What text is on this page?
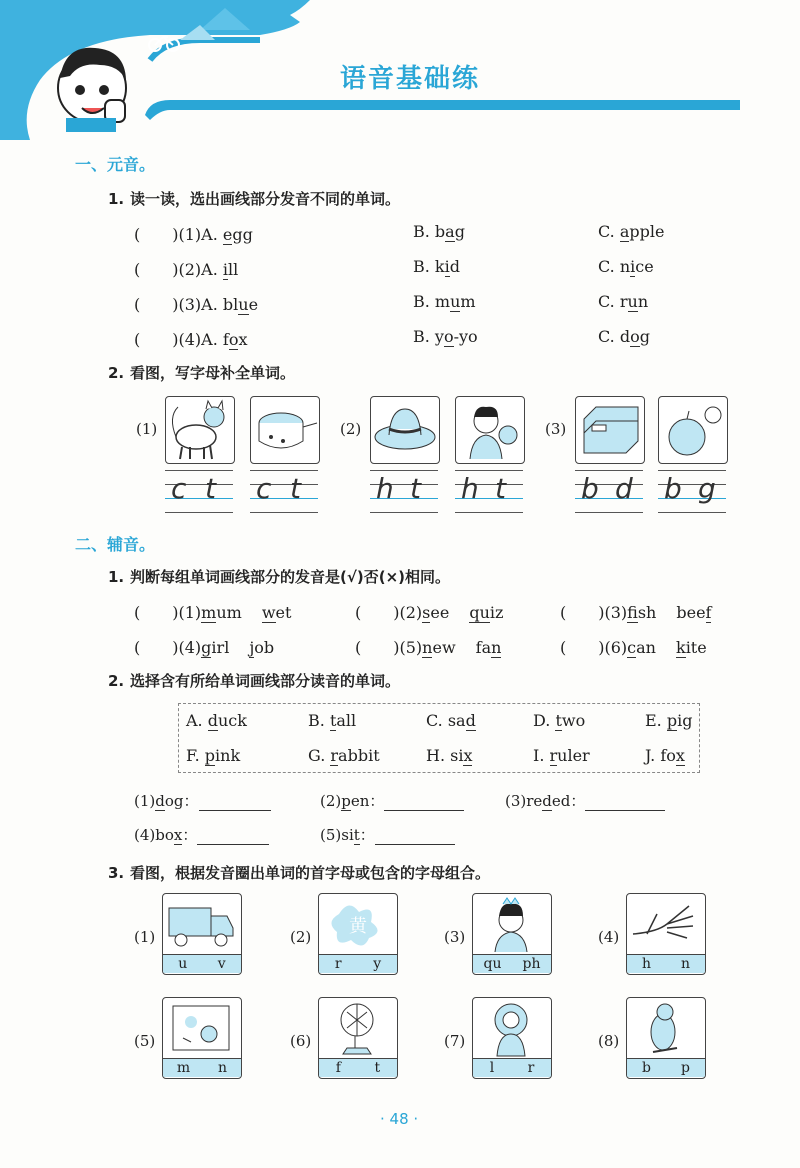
语音基础练
一、元音。
1. 读一读，选出画线部分发音不同的单词。
(　　)(1)A. egg	B. bag	C. apple
(　　)(2)A. ill	B. kid	C. nice
(　　)(3)A. blue	B. mum	C. run
(　　)(4)A. fox	B. yo-yo	C. dog
2. 看图，写字母补全单词。
(1)	(2)	(3)
c t c t	h t h t	b d b g
二、辅音。
1. 判断每组单词画线部分的发音是(√)否(×)相同。
(　　)(1)mum wet	(　　)(2)see quiz	(　　)(3)fish beef
(　　)(4)girl job	(　　)(5)new fan	(　　)(6)can kite
2. 选择含有所给单词画线部分读音的单词。
A. duck	B. tall	C. sad	D. two	E. pig
F. pink	G. rabbit	H. six	I. ruler	J. fox
(1)dog：	(2)pen：	(3)reded：
(4)box：	(5)sit：
3. 看图，根据发音圈出单词的首字母或包含的字母组合。
(1)
u v
(2) 黄
r y
(3)
qu ph
(4)
h n
(5)
m n
(6)
f t
(7)
l r
(8)
b p
· 48 ·
